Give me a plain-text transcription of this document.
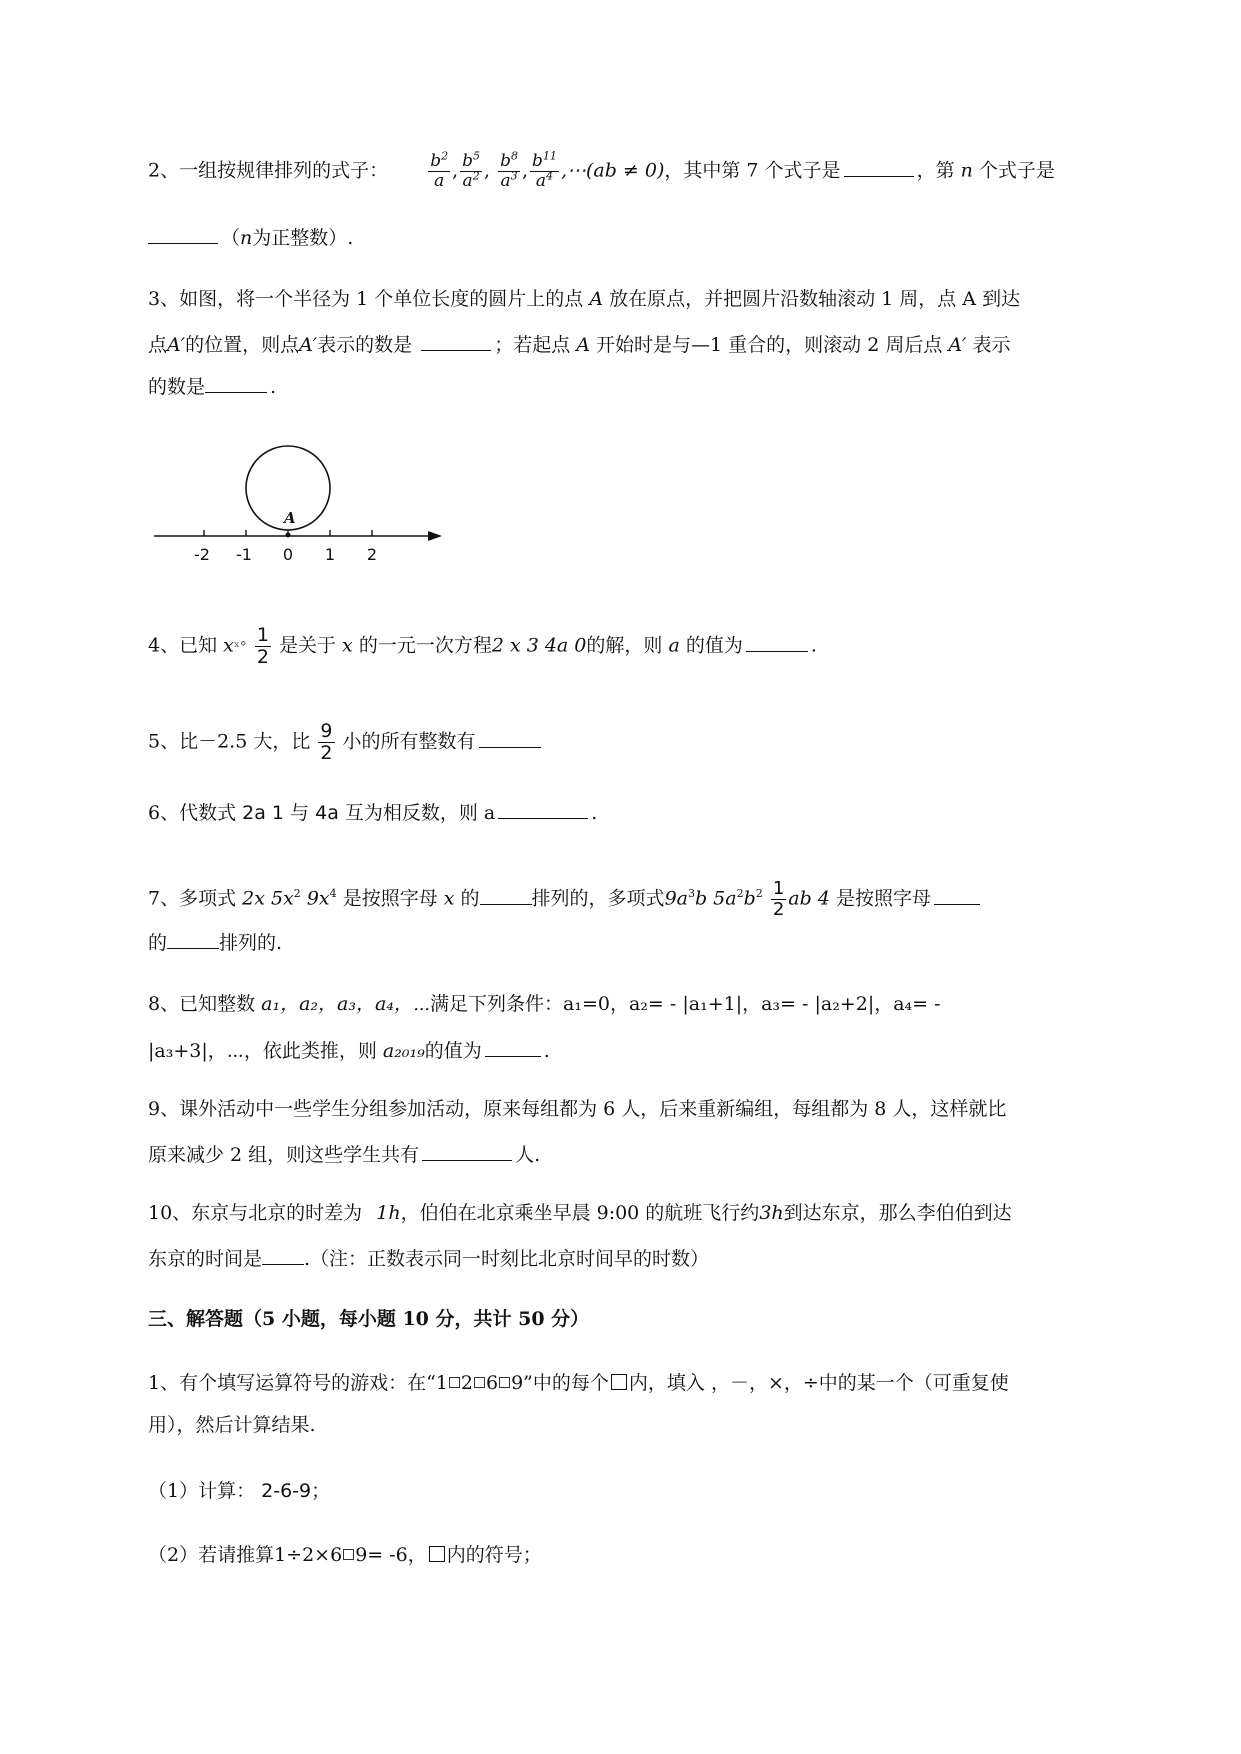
2、一组按规律排列的式子： $\frac{b^2}{a}$ , $\frac{b^5}{a^2}$ , $\frac{b^8}{a^3}$ , $\frac{b^{11}}{a^4}$ ,⋯(ab ≠ 0)，其中第 7 个式子是	，第 n 个式子是
（n为正整数）.
3、如图，将一个半径为 1 个单位长度的圆片上的点 A 放在原点，并把圆片沿数轴滚动 1 周，点 A 到达
点A′的位置，则点A′表示的数是	；若起点 A 开始时是与—1 重合的，则滚动 2 周后点 A′ 表示
的数是	.
A
-2 -1 0 1 2
4、已知 xˣ° $\frac{1}{2}$ 是关于 x 的一元一次方程2 x 3 4a 0的解，则 a 的值为	.
5、比－2.5 大，比 $\frac{9}{2}$ 小的所有整数有
6、代数式 2a 1 与 4a 互为相反数，则 a	.
7、多项式 2x $5x^2$ $9x^4$ 是按照字母 x 的	排列的，多项式$9a^3b$ $5a^2b^2 \frac{1}{2}$ ab 4 是按照字母
的	排列的.
8、已知整数 a₁，a₂，a₃，a₄，⋯满足下列条件：a₁=0，a₂= - |a₁+1|，a₃= - |a₂+2|，a₄= -
|a₃+3|，⋯，依此类推，则 a₂₀₁₉的值为	.
9、课外活动中一些学生分组参加活动，原来每组都为 6 人，后来重新编组，每组都为 8 人，这样就比
原来减少 2 组，则这些学生共有	人.
10、东京与北京的时差为 1h，伯伯在北京乘坐早晨 9:00 的航班飞行约3h到达东京，那么李伯伯到达
东京的时间是 .（注：正数表示同一时刻比北京时间早的时数）
三、解答题（5 小题，每小题 10 分，共计 50 分）
1、有个填写运算符号的游戏：在“1 2 6 9”中的每个 内，填入 ，－，×，÷中的某一个（可重复使
用），然后计算结果.
（1）计算： 2-6-9；
（2）若请推算1÷2×6 9= -6， 内的符号；
